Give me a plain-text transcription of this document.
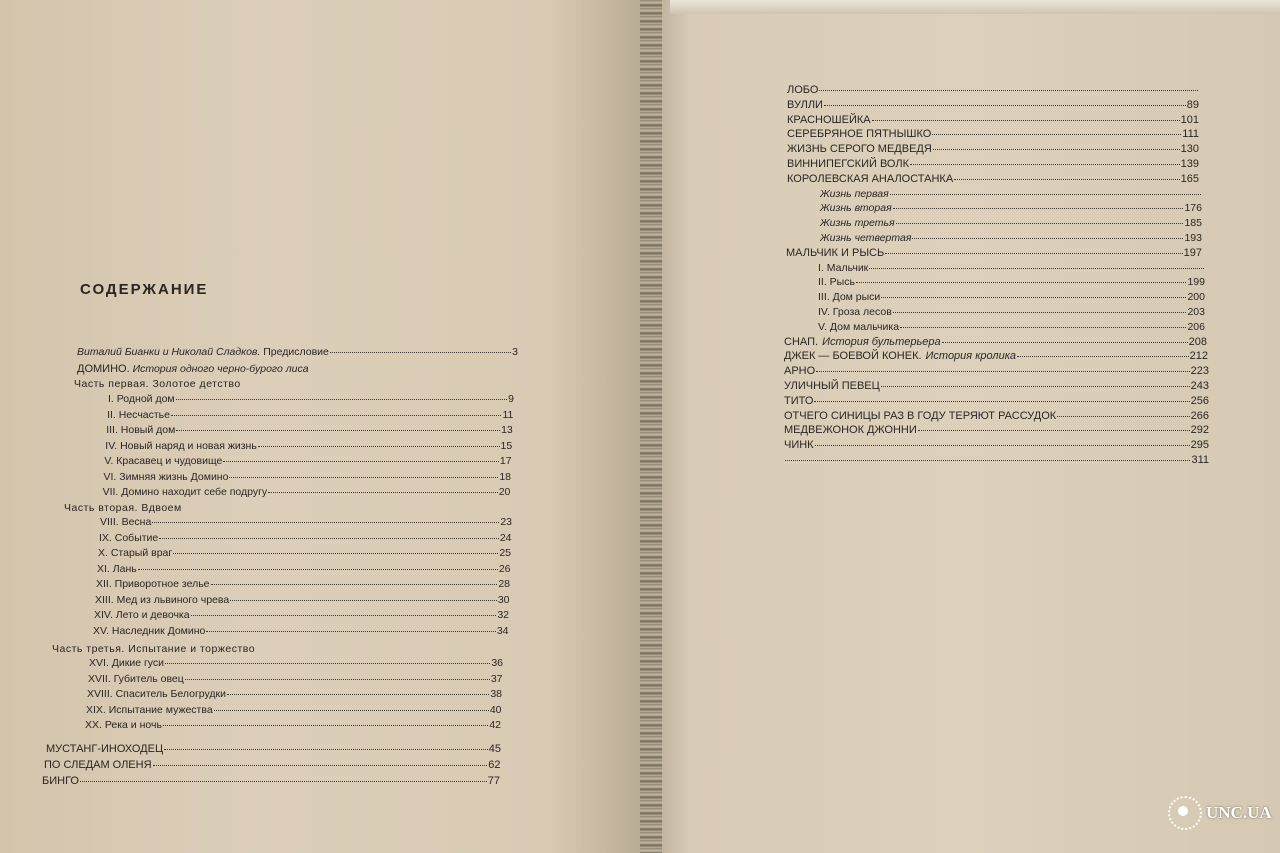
СОДЕРЖАНИЕ
Виталий Бианки и Николай Сладков. Предисловие	3
ДОМИНО. История одного черно-бурого лиса
Часть первая. Золотое детство
I. Родной дом	9
II. Несчастье	11
III. Новый дом	13
IV. Новый наряд и новая жизнь	15
V. Красавец и чудовище	17
VI. Зимняя жизнь Домино	18
VII. Домино находит себе подругу	20
Часть вторая. Вдвоем
VIII. Весна	23
IX. Событие	24
X. Старый враг	25
XI. Лань	26
XII. Приворотное зелье	28
XIII. Мед из львиного чрева	30
XIV. Лето и девочка	32
XV. Наследник Домино	34
Часть третья. Испытание и торжество
XVI. Дикие гуси	36
XVII. Губитель овец	37
XVIII. Спаситель Белогрудки	38
XIX. Испытание мужества	40
XX. Река и ночь	42
МУСТАНГ-ИНОХОДЕЦ	45
ПО СЛЕДАМ ОЛЕНЯ	62
БИНГО	77
ЛОБО
ВУЛЛИ	89
КРАСНОШЕЙКА	101
СЕРЕБРЯНОЕ ПЯТНЫШКО	111
ЖИЗНЬ СЕРОГО МЕДВЕДЯ	130
ВИННИПЕГСКИЙ ВОЛК	139
КОРОЛЕВСКАЯ АНАЛОСТАНКА	165
Жизнь первая
Жизнь вторая	176
Жизнь третья	185
Жизнь четвертая	193
МАЛЬЧИК И РЫСЬ	197
I. Мальчик
II. Рысь	199
III. Дом рыси	200
IV. Гроза лесов	203
V. Дом мальчика	206
СНАП. История бультерьера	208
ДЖЕК — БОЕВОЙ КОНЕК. История кролика	212
АРНО	223
УЛИЧНЫЙ ПЕВЕЦ	243
ТИТО	256
ОТЧЕГО СИНИЦЫ РАЗ В ГОДУ ТЕРЯЮТ РАССУДОК	266
МЕДВЕЖОНОК ДЖОННИ	292
ЧИНК	295
311
UNC.UA
